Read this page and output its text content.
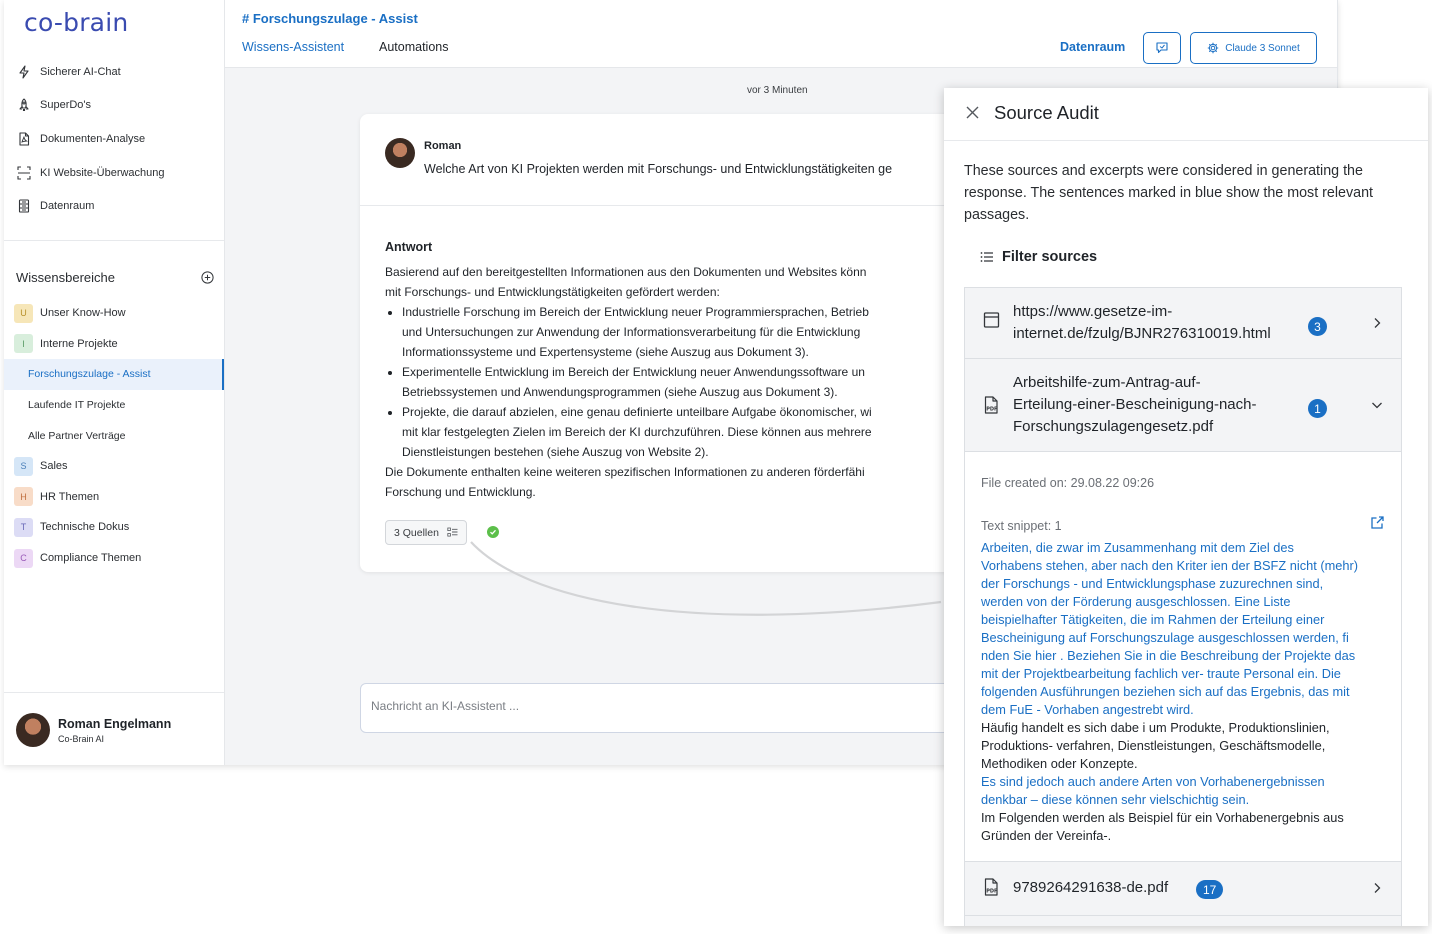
co-brain
Sicherer AI-Chat
SuperDo's
Dokumenten-Analyse
KI Website-Überwachung
Datenraum
Wissensbereiche
U	Unser Know-How
I	Interne Projekte
Forschungszulage - Assist
Laufende IT Projekte
Alle Partner Verträge
S	Sales
H	HR Themen
T	Technische Dokus
C	Compliance Themen
Roman Engelmann
Co-Brain AI
# Forschungszulage - Assist
Wissens-Assistent	Automations	Datenraum	Claude 3 Sonnet
vor 3 Minuten
Roman
Welche Art von KI Projekten werden mit Forschungs- und Entwicklungstätigkeiten ge
Antwort
Basierend auf den bereitgestellten Informationen aus den Dokumenten und Websites könn
mit Forschungs- und Entwicklungstätigkeiten gefördert werden:
• Industrielle Forschung im Bereich der Entwicklung neuer Programmiersprachen, Betrieb
und Untersuchungen zur Anwendung der Informationsverarbeitung für die Entwicklung
Informationssysteme und Expertensysteme (siehe Auszug aus Dokument 3).
• Experimentelle Entwicklung im Bereich der Entwicklung neuer Anwendungssoftware un
Betriebssystemen und Anwendungsprogrammen (siehe Auszug aus Dokument 3).
• Projekte, die darauf abzielen, eine genau definierte unteilbare Aufgabe ökonomischer, wi
mit klar festgelegten Zielen im Bereich der KI durchzuführen. Diese können aus mehrere
Dienstleistungen bestehen (siehe Auszug von Website 2).
Die Dokumente enthalten keine weiteren spezifischen Informationen zu anderen förderfähi
Forschung und Entwicklung.
3 Quellen
Nachricht an KI-Assistent ...
Source Audit
These sources and excerpts were considered in generating the response. The sentences marked in blue show the most relevant passages.
Filter sources
https://www.gesetze-im-
internet.de/fzulg/BJNR276310019.html	3
PDF
Arbeitshilfe-zum-Antrag-auf-
Erteilung-einer-Bescheinigung-nach-
Forschungszulagengesetz.pdf
1
File created on: 29.08.22 09:26
Text snippet: 1
Arbeiten, die zwar im Zusammenhang mit dem Ziel des
Vorhabens stehen, aber nach den Kriter ien der BSFZ nicht (mehr)
der Forschungs - und Entwicklungsphase zuzurechnen sind,
werden von der Förderung ausgeschlossen. Eine Liste
beispielhafter Tätigkeiten, die im Rahmen der Erteilung einer
Bescheinigung auf Forschungszulage ausgeschlossen werden, fi
nden Sie hier . Beziehen Sie in die Beschreibung der Projekte das
mit der Projektbearbeitung fachlich ver- traute Personal ein. Die
folgenden Ausführungen beziehen sich auf das Ergebnis, das mit
dem FuE - Vorhaben angestrebt wird.
Häufig handelt es sich dabe i um Produkte, Produktionslinien,
Produktions- verfahren, Dienstleistungen, Geschäftsmodelle,
Methodiken oder Konzepte.
Es sind jedoch auch andere Arten von Vorhabenergebnissen
denkbar – diese können sehr vielschichtig sein.
Im Folgenden werden als Beispiel für ein Vorhabenergebnis aus
Gründen der Vereinfa-.
PDF 9789264291638-de.pdf	17
